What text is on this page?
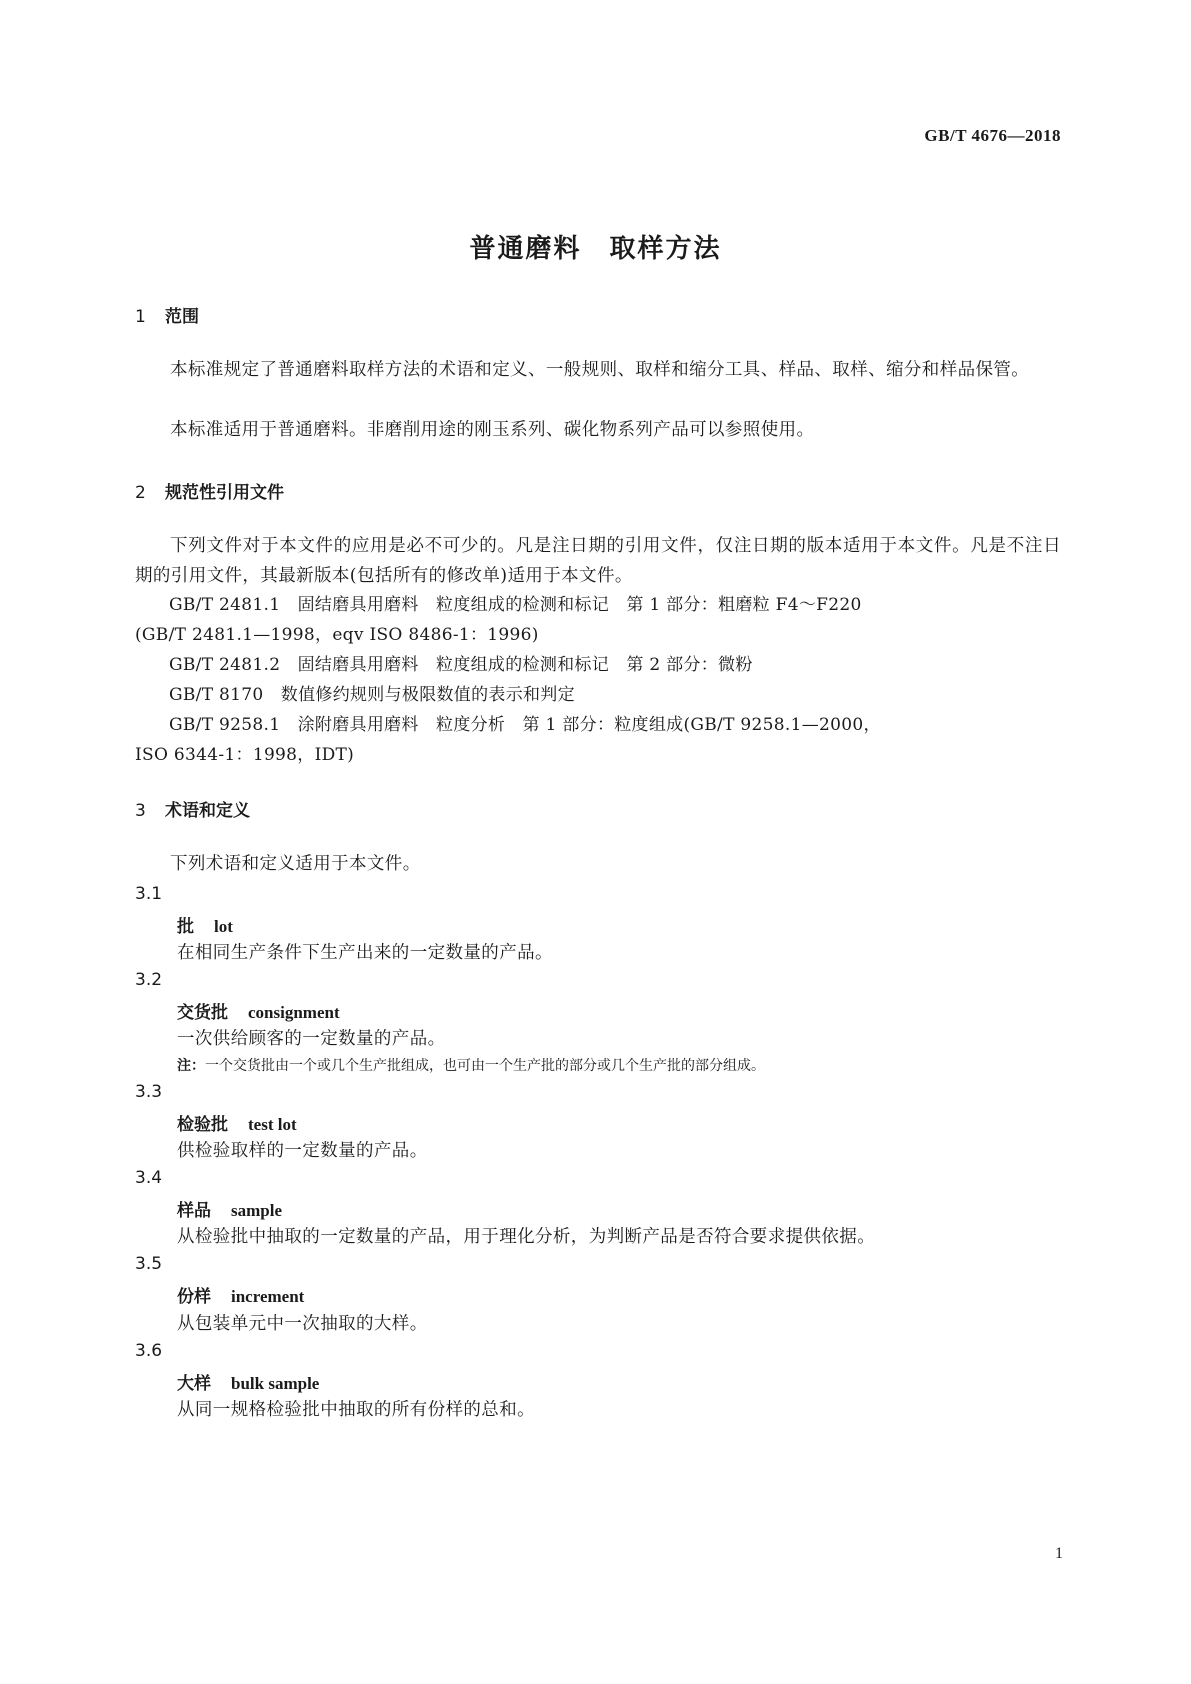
GB/T 4676—2018
普通磨料　取样方法
1 范围
本标准规定了普通磨料取样方法的术语和定义、一般规则、取样和缩分工具、样品、取样、缩分和样品保管。
本标准适用于普通磨料。非磨削用途的刚玉系列、碳化物系列产品可以参照使用。
2 规范性引用文件
下列文件对于本文件的应用是必不可少的。凡是注日期的引用文件，仅注日期的版本适用于本文件。凡是不注日期的引用文件，其最新版本(包括所有的修改单)适用于本文件。
GB/T 2481.1　固结磨具用磨料　粒度组成的检测和标记　第 1 部分：粗磨粒 F4～F220
(GB/T 2481.1—1998，eqv ISO 8486-1：1996)
GB/T 2481.2　固结磨具用磨料　粒度组成的检测和标记　第 2 部分：微粉
GB/T 8170　数值修约规则与极限数值的表示和判定
GB/T 9258.1　涂附磨具用磨料　粒度分析　第 1 部分：粒度组成(GB/T 9258.1—2000，
ISO 6344-1：1998，IDT)
3 术语和定义
下列术语和定义适用于本文件。
3.1
批 lot
在相同生产条件下生产出来的一定数量的产品。
3.2
交货批 consignment
一次供给顾客的一定数量的产品。
注：一个交货批由一个或几个生产批组成，也可由一个生产批的部分或几个生产批的部分组成。
3.3
检验批 test lot
供检验取样的一定数量的产品。
3.4
样品 sample
从检验批中抽取的一定数量的产品，用于理化分析，为判断产品是否符合要求提供依据。
3.5
份样 increment
从包装单元中一次抽取的大样。
3.6
大样 bulk sample
从同一规格检验批中抽取的所有份样的总和。
1
